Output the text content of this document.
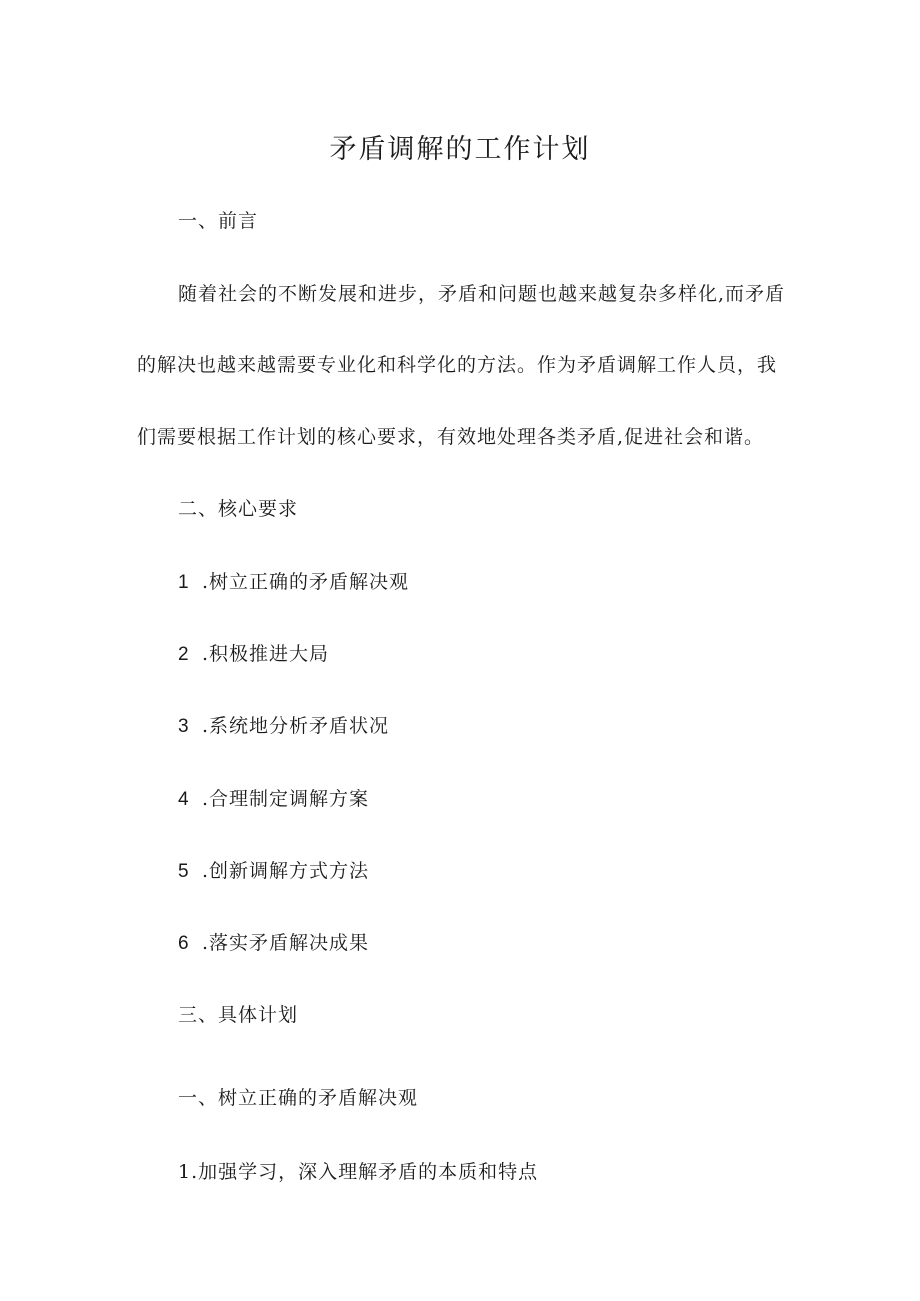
矛盾调解的工作计划
一、前言
随着社会的不断发展和进步，矛盾和问题也越来越复杂多样化,而矛盾
的解决也越来越需要专业化和科学化的方法。作为矛盾调解工作人员，我
们需要根据工作计划的核心要求，有效地处理各类矛盾,促进社会和谐。
二、核心要求
1 .树立正确的矛盾解决观
2 .积极推进大局
3 .系统地分析矛盾状况
4 .合理制定调解方案
5 .创新调解方式方法
6 .落实矛盾解决成果
三、具体计划
一、树立正确的矛盾解决观
1.加强学习，深入理解矛盾的本质和特点
